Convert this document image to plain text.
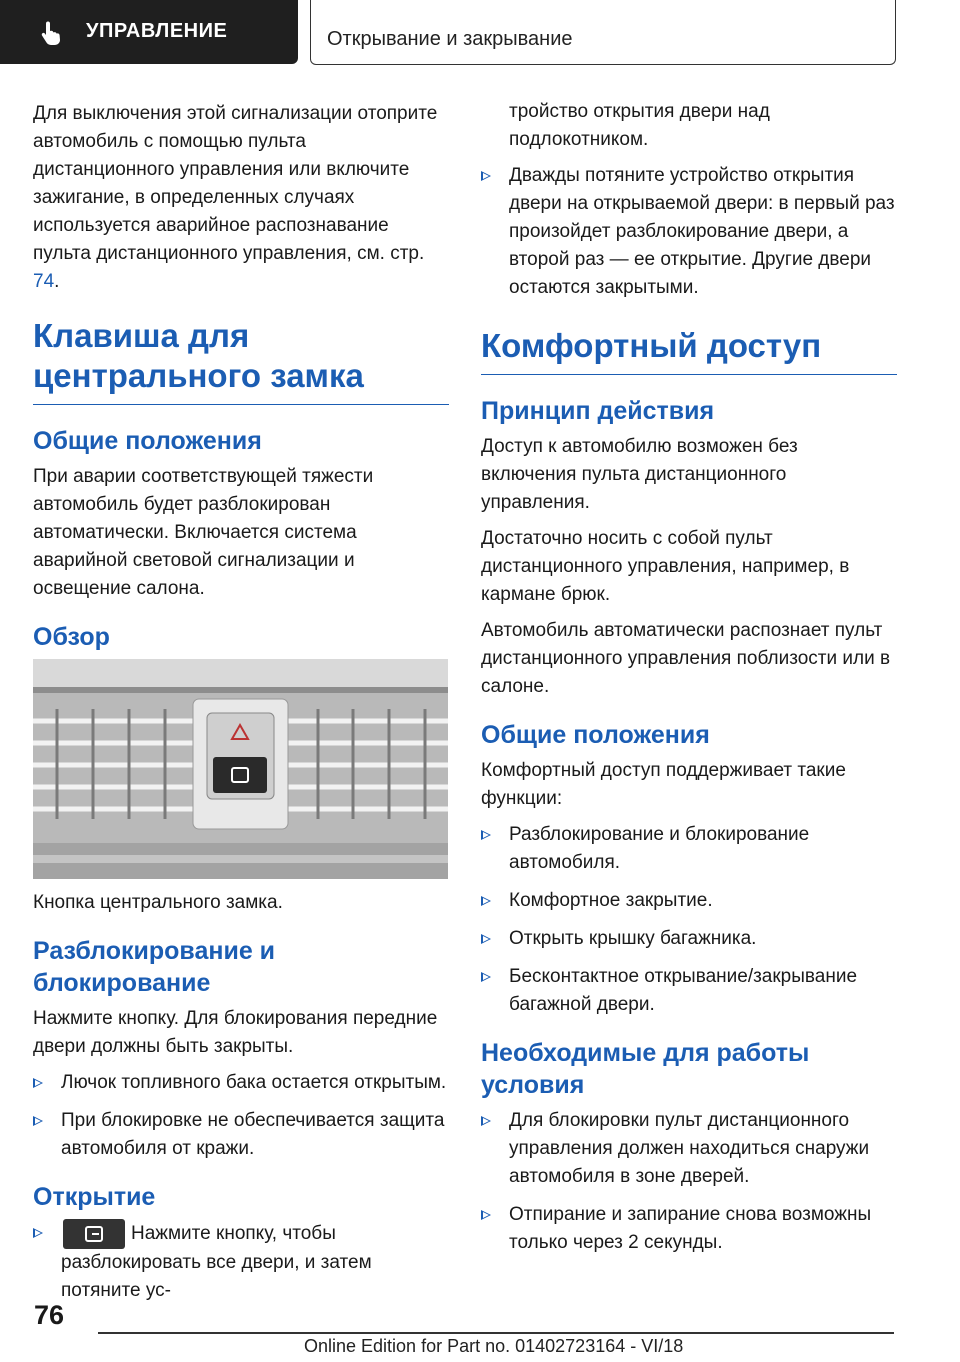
УПРАВЛЕНИЕ	Открывание и закрывание

Для выключения этой сигнализации отоприте автомобиль с помощью пульта дистанционного управления или включите зажигание, в определенных случаях используется аварийное распознавание пульта дистанционного управления, см. стр. 74.

Клавиша для центрального замка
Общие положения

При аварии соответствующей тяжести автомобиль будет разблокирован автоматически. Включается система аварийной световой сигнализации и освещение салона.

Обзор

Кнопка центрального замка.

Разблокирование и блокирование

Нажмите кнопку. Для блокирования передние двери должны быть закрыты.

Лючок топливного бака остается открытым.
При блокировке не обеспечивается защита автомобиля от кражи.
Открытие
Нажмите кнопку, чтобы разблокировать все двери, и затем потяните ус-

тройство открытия двери над подлокотником.

Дважды потяните устройство открытия двери на открываемой двери: в первый раз произойдет разблокирование двери, а второй раз — ее открытие. Другие двери остаются закрытыми.
Комфортный доступ
Принцип действия

Доступ к автомобилю возможен без включения пульта дистанционного управления.

Достаточно носить с собой пульт дистанционного управления, например, в кармане брюк.

Автомобиль автоматически распознает пульт дистанционного управления поблизости или в салоне.

Общие положения

Комфортный доступ поддерживает такие функции:

Разблокирование и блокирование автомобиля.
Комфортное закрытие.
Открыть крышку багажника.
Бесконтактное открывание/закрывание багажной двери.
Необходимые для работы условия
Для блокировки пульт дистанционного управления должен находиться снаружи автомобиля в зоне дверей.
Отпирание и запирание снова возможны только через 2 секунды.
76
Online Edition for Part no. 01402723164 - VI/18
